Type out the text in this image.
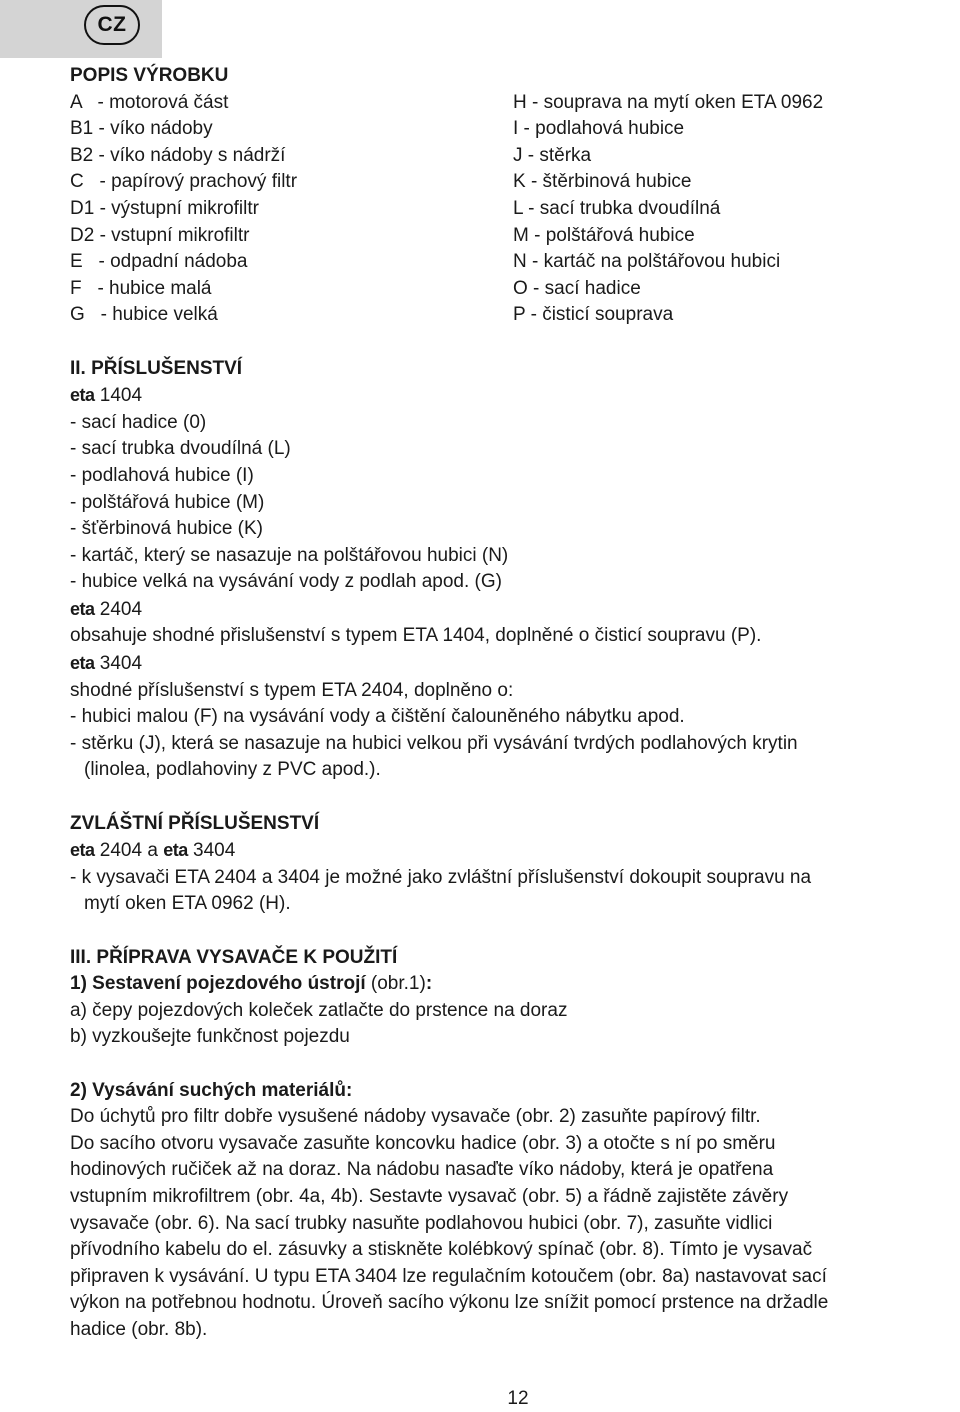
CZ
POPIS VÝROBKU
A   - motorová část	H - souprava na mytí oken ETA 0962
B1 - víko nádoby	I - podlahová hubice
B2 - víko nádoby s nádrží	J - stěrka
C   - papírový prachový filtr	K - štěrbinová hubice
D1 - výstupní mikrofiltr	L - sací trubka dvoudílná
D2 - vstupní mikrofiltr	M - polštářová hubice
E   - odpadní nádoba	N - kartáč na polštářovou hubici
F   - hubice malá	O - sací hadice
G   - hubice velká	P - čisticí souprava
II. PŘÍSLUŠENSTVÍ
eta 1404
- sací hadice (0)
- sací trubka dvoudílná (L)
- podlahová hubice (I)
- polštářová hubice (M)
- šťěrbinová hubice (K)
- kartáč, který se nasazuje na polštářovou hubici (N)
- hubice velká na vysávání vody z podlah apod. (G)
eta 2404
obsahuje shodné přislušenství s typem ETA 1404, doplněné o čisticí soupravu (P).
eta 3404
shodné příslušenství s typem ETA 2404, doplněno o:
- hubici malou (F) na vysávání vody a čištění čalouněného nábytku apod.
- stěrku (J), která se nasazuje na hubici velkou při vysávání tvrdých podlahových krytin
(linolea, podlahoviny z PVC apod.).
ZVLÁŠTNÍ PŘÍSLUŠENSTVÍ
eta 2404 a eta 3404
- k vysavači ETA 2404 a 3404 je možné jako zvláštní příslušenství dokoupit soupravu na
mytí oken ETA 0962 (H).
III. PŘÍPRAVA VYSAVAČE K POUŽITÍ
1) Sestavení pojezdového ústrojí (obr.1):
a) čepy pojezdových koleček zatlačte do prstence na doraz
b) vyzkoušejte funkčnost pojezdu
2) Vysávání suchých materiálů:
Do úchytů pro filtr dobře vysušené nádoby vysavače (obr. 2) zasuňte papírový filtr.
Do sacího otvoru vysavače zasuňte koncovku hadice (obr. 3) a otočte s ní po směru
hodinových ručiček až na doraz. Na nádobu nasaďte víko nádoby, která je opatřena
vstupním mikrofiltrem (obr. 4a, 4b). Sestavte vysavač (obr. 5) a řádně zajistěte závěry
vysavače (obr. 6). Na sací trubky nasuňte podlahovou hubici (obr. 7), zasuňte vidlici
přívodního kabelu do el. zásuvky a stiskněte kolébkový spínač (obr. 8). Tímto je vysavač
připraven k vysávání. U typu ETA 3404 lze regulačním kotoučem (obr. 8a) nastavovat sací
výkon na potřebnou hodnotu. Úroveň sacího výkonu lze snížit pomocí prstence na držadle
hadice (obr. 8b).
12
